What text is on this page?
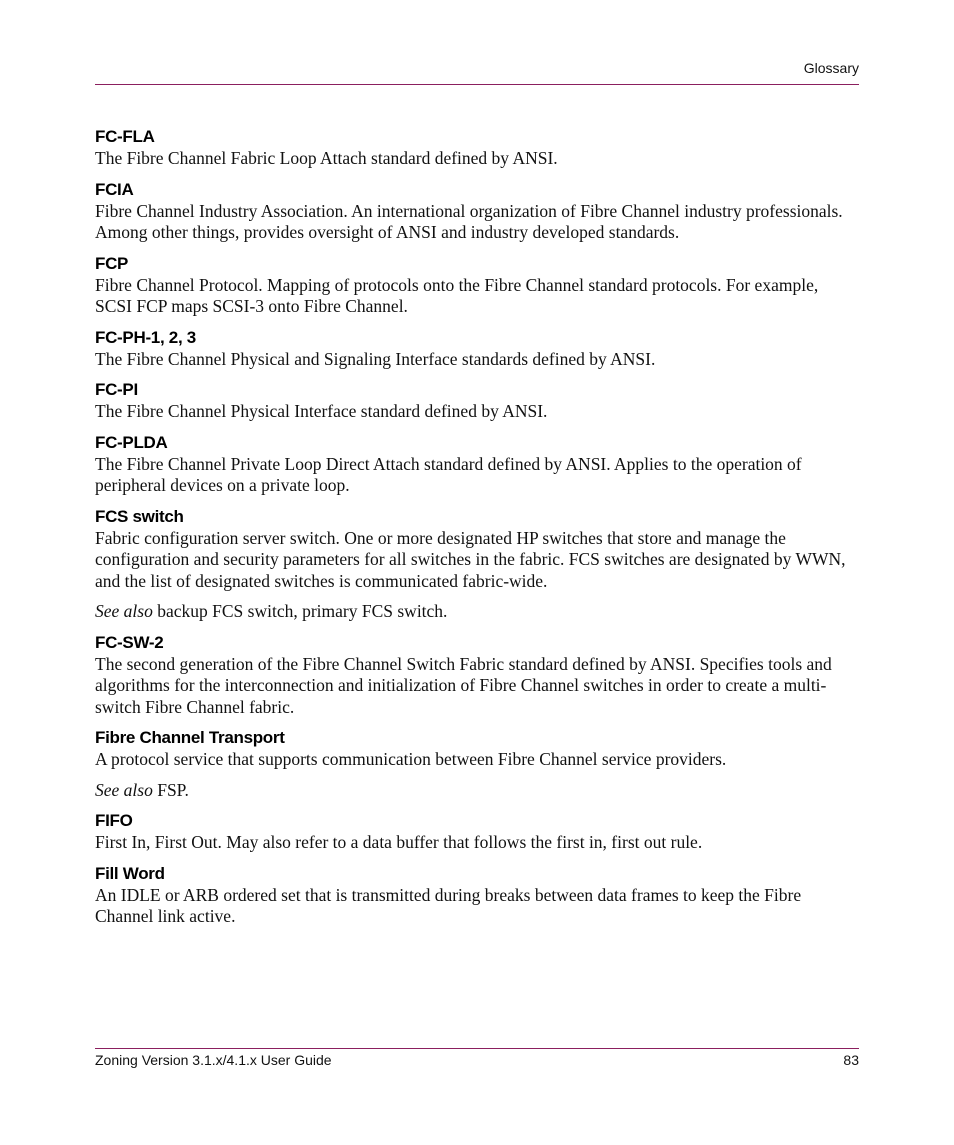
Glossary
FC-FLA

The Fibre Channel Fabric Loop Attach standard defined by ANSI.

FCIA

Fibre Channel Industry Association. An international organization of Fibre Channel industry professionals. Among other things, provides oversight of ANSI and industry developed standards.

FCP

Fibre Channel Protocol. Mapping of protocols onto the Fibre Channel standard protocols. For example, SCSI FCP maps SCSI-3 onto Fibre Channel.

FC-PH-1, 2, 3

The Fibre Channel Physical and Signaling Interface standards defined by ANSI.

FC-PI

The Fibre Channel Physical Interface standard defined by ANSI.

FC-PLDA

The Fibre Channel Private Loop Direct Attach standard defined by ANSI. Applies to the operation of peripheral devices on a private loop.

FCS switch

Fabric configuration server switch. One or more designated HP switches that store and manage the configuration and security parameters for all switches in the fabric. FCS switches are designated by WWN, and the list of designated switches is communicated fabric-wide.

See also backup FCS switch, primary FCS switch.

FC-SW-2

The second generation of the Fibre Channel Switch Fabric standard defined by ANSI. Specifies tools and algorithms for the interconnection and initialization of Fibre Channel switches in order to create a multi-switch Fibre Channel fabric.

Fibre Channel Transport

A protocol service that supports communication between Fibre Channel service providers.

See also FSP.

FIFO

First In, First Out. May also refer to a data buffer that follows the first in, first out rule.

Fill Word

An IDLE or ARB ordered set that is transmitted during breaks between data frames to keep the Fibre Channel link active.

Zoning Version 3.1.x/4.1.x User Guide	83
